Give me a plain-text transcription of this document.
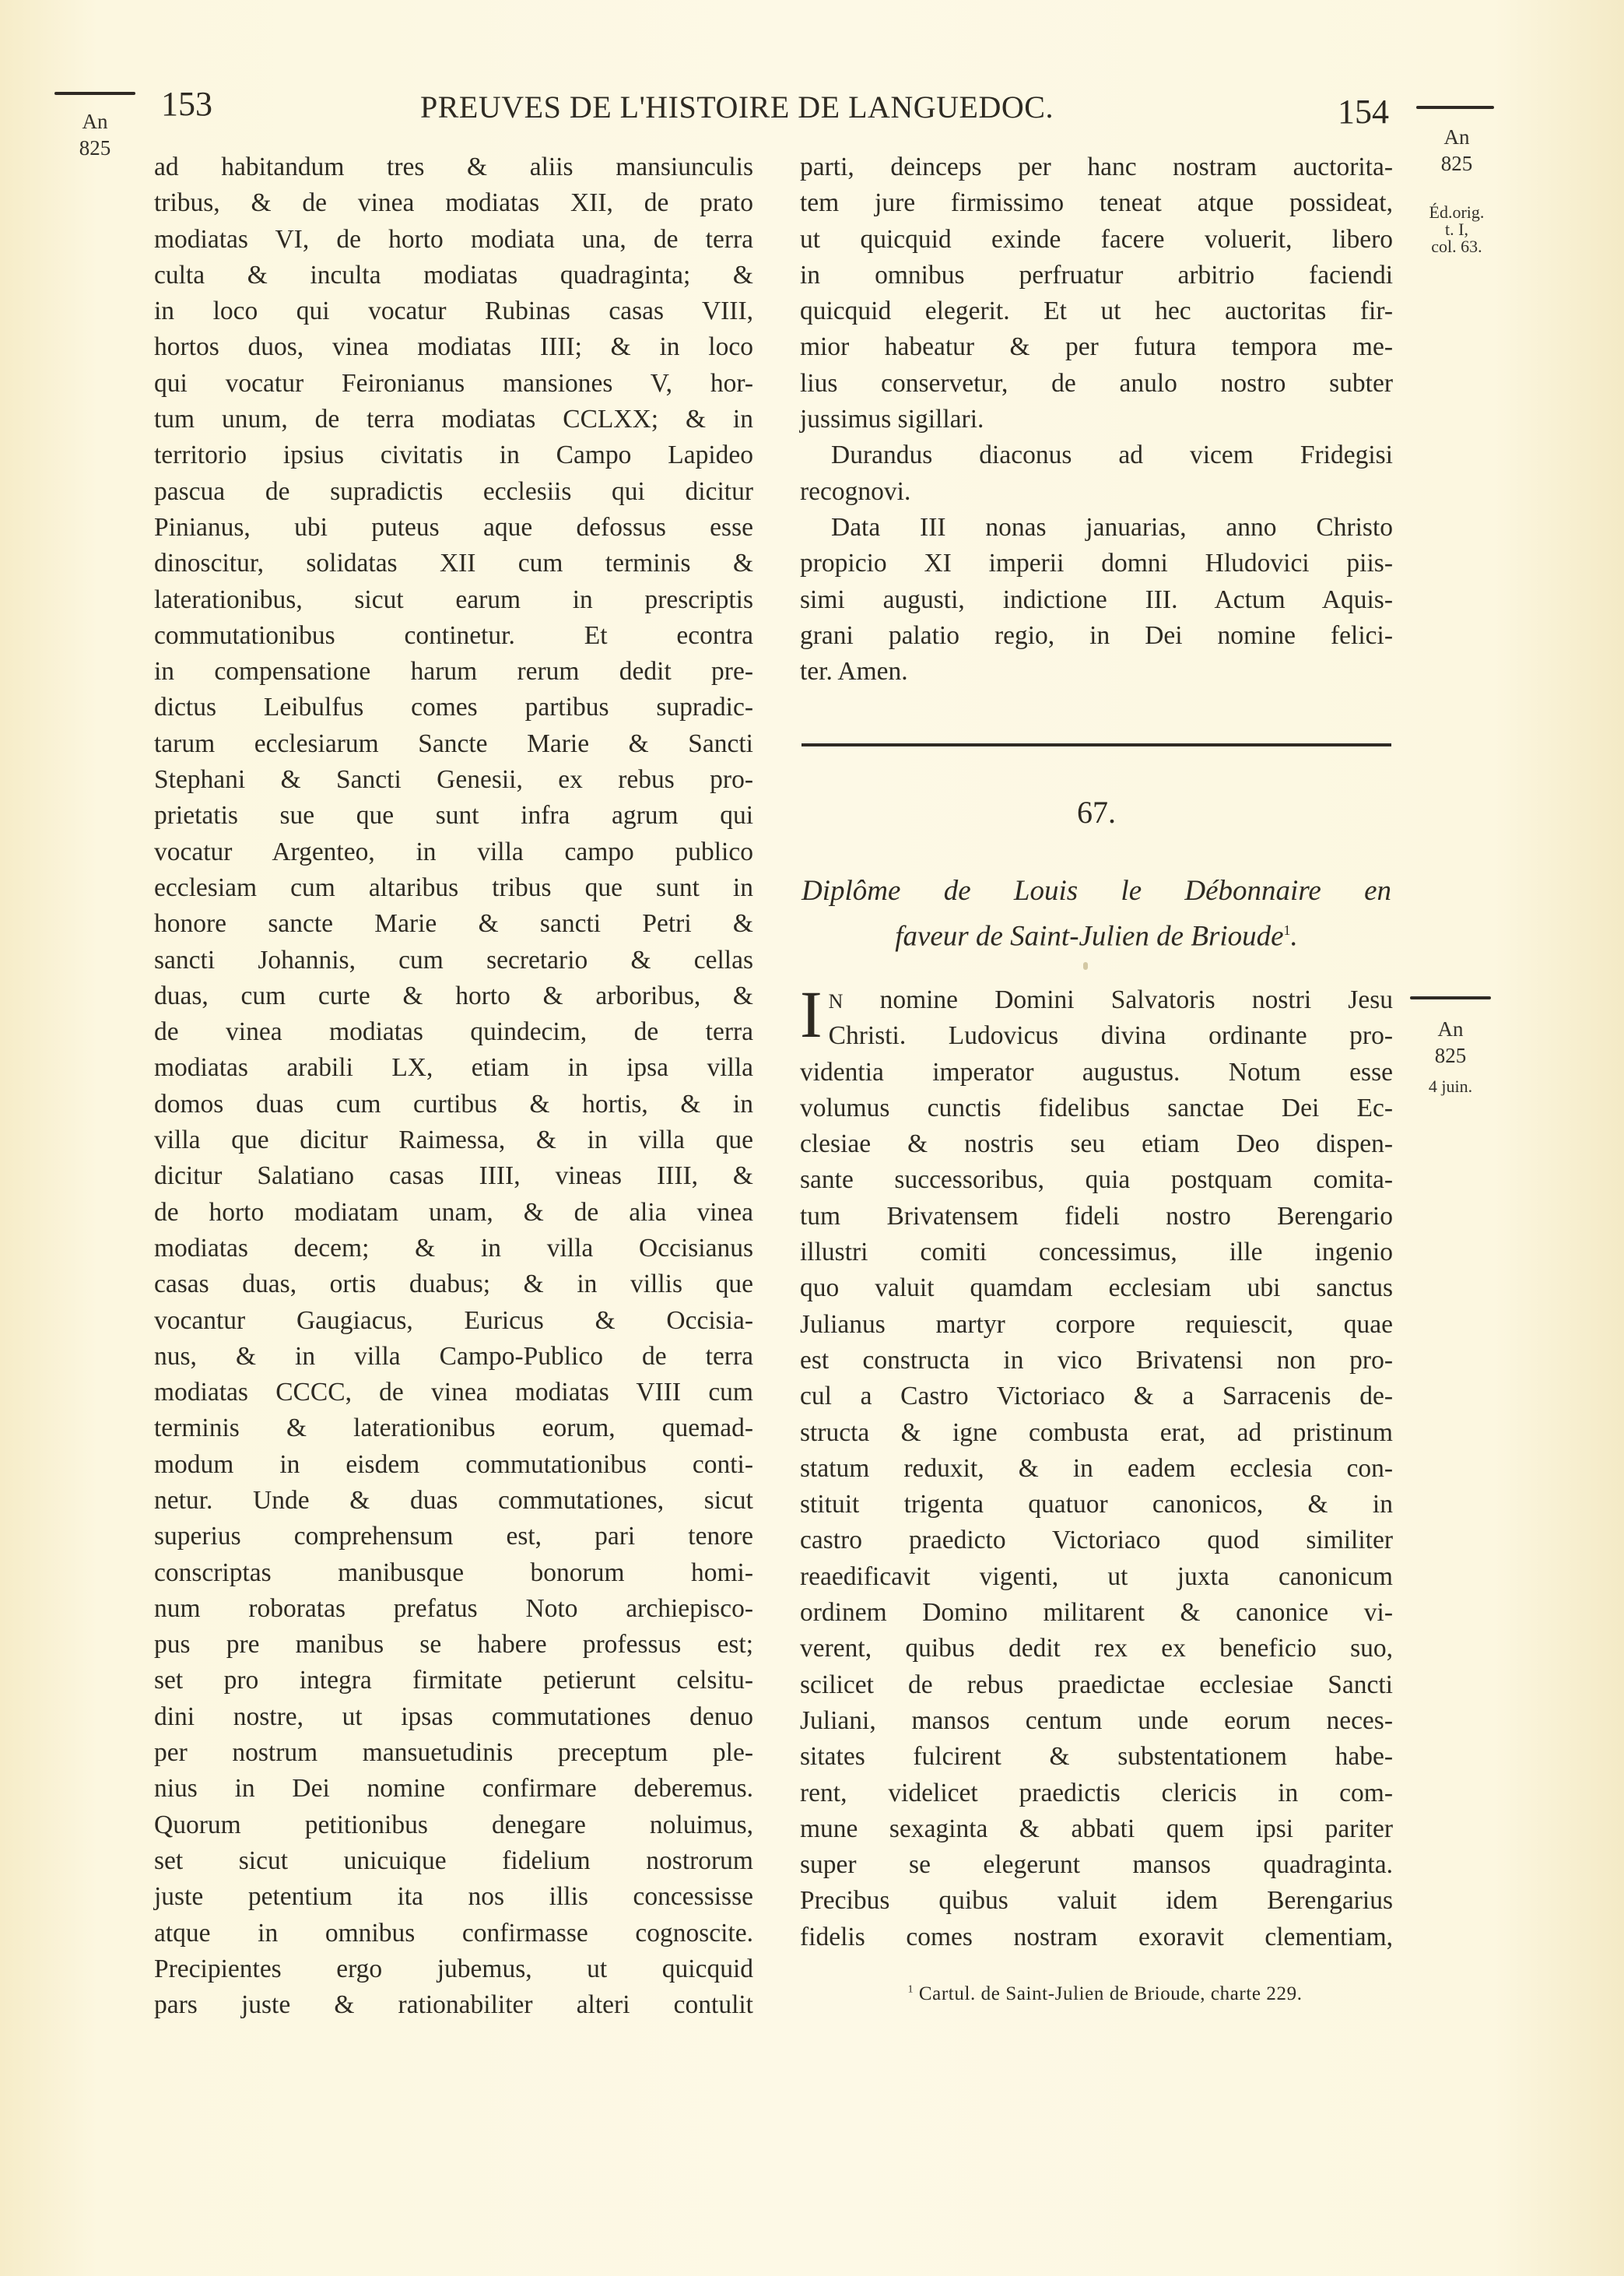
153	PREUVES DE L'HISTOIRE DE LANGUEDOC.	154
An
825	An
825
Éd.orig.
t. I,
col. 63.
ad habitandum tres & aliis mansiunculis
tribus, & de vinea modiatas XII, de prato
modiatas VI, de horto modiata una, de terra
culta & inculta modiatas quadraginta; &
in loco qui vocatur Rubinas casas VIII,
hortos duos, vinea modiatas IIII; & in loco
qui vocatur Feironianus mansiones V, hor-
tum unum, de terra modiatas CCLXX; & in
territorio ipsius civitatis in Campo Lapideo
pascua de supradictis ecclesiis qui dicitur
Pinianus, ubi puteus aque defossus esse
dinoscitur, solidatas XII cum terminis &
laterationibus, sicut earum in prescriptis
commutationibus continetur. Et econtra
in compensatione harum rerum dedit pre-
dictus Leibulfus comes partibus supradic-
tarum ecclesiarum Sancte Marie & Sancti
Stephani & Sancti Genesii, ex rebus pro-
prietatis sue que sunt infra agrum qui
vocatur Argenteo, in villa campo publico
ecclesiam cum altaribus tribus que sunt in
honore sancte Marie & sancti Petri &
sancti Johannis, cum secretario & cellas
duas, cum curte & horto & arboribus, &
de vinea modiatas quindecim, de terra
modiatas arabili LX, etiam in ipsa villa
domos duas cum curtibus & hortis, & in
villa que dicitur Raimessa, & in villa que
dicitur Salatiano casas IIII, vineas IIII, &
de horto modiatam unam, & de alia vinea
modiatas decem; & in villa Occisianus
casas duas, ortis duabus; & in villis que
vocantur Gaugiacus, Euricus & Occisia-
nus, & in villa Campo-Publico de terra
modiatas CCCC, de vinea modiatas VIII cum
terminis & laterationibus eorum, quemad-
modum in eisdem commutationibus conti-
netur. Unde & duas commutationes, sicut
superius comprehensum est, pari tenore
conscriptas manibusque bonorum homi-
num roboratas prefatus Noto archiepisco-
pus pre manibus se habere professus est;
set pro integra firmitate petierunt celsitu-
dini nostre, ut ipsas commutationes denuo
per nostrum mansuetudinis preceptum ple-
nius in Dei nomine confirmare deberemus.
Quorum petitionibus denegare noluimus,
set sicut unicuique fidelium nostrorum
juste petentium ita nos illis concessisse
atque in omnibus confirmasse cognoscite.
Precipientes ergo jubemus, ut quicquid
pars juste & rationabiliter alteri contulit
parti, deinceps per hanc nostram auctorita-
tem jure firmissimo teneat atque possideat,
ut quicquid exinde facere voluerit, libero
in omnibus perfruatur arbitrio faciendi
quicquid elegerit. Et ut hec auctoritas fir-
mior habeatur & per futura tempora me-
lius conservetur, de anulo nostro subter
jussimus sigillari.
Durandus diaconus ad vicem Fridegisi
recognovi.
Data III nonas januarias, anno Christo
propicio XI imperii domni Hludovici piis-
simi augusti, indictione III. Actum Aquis-
grani palatio regio, in Dei nomine felici-
ter. Amen.
67.
Diplôme de Louis le Débonnaire en
faveur de Saint-Julien de Brioude$^1$.
An
825
4 juin.
I N nomine Domini Salvatoris nostri Jesu
Christi. Ludovicus divina ordinante pro-
videntia imperator augustus. Notum esse
volumus cunctis fidelibus sanctae Dei Ec-
clesiae & nostris seu etiam Deo dispen-
sante successoribus, quia postquam comita-
tum Brivatensem fideli nostro Berengario
illustri comiti concessimus, ille ingenio
quo valuit quamdam ecclesiam ubi sanctus
Julianus martyr corpore requiescit, quae
est constructa in vico Brivatensi non pro-
cul a Castro Victoriaco & a Sarracenis de-
structa & igne combusta erat, ad pristinum
statum reduxit, & in eadem ecclesia con-
stituit trigenta quatuor canonicos, & in
castro praedicto Victoriaco quod similiter
reaedificavit vigenti, ut juxta canonicum
ordinem Domino militarent & canonice vi-
verent, quibus dedit rex ex beneficio suo,
scilicet de rebus praedictae ecclesiae Sancti
Juliani, mansos centum unde eorum neces-
sitates fulcirent & substentationem habe-
rent, videlicet praedictis clericis in com-
mune sexaginta & abbati quem ipsi pariter
super se elegerunt mansos quadraginta.
Precibus quibus valuit idem Berengarius
fidelis comes nostram exoravit clementiam,
$^1$ Cartul. de Saint-Julien de Brioude, charte 229.
